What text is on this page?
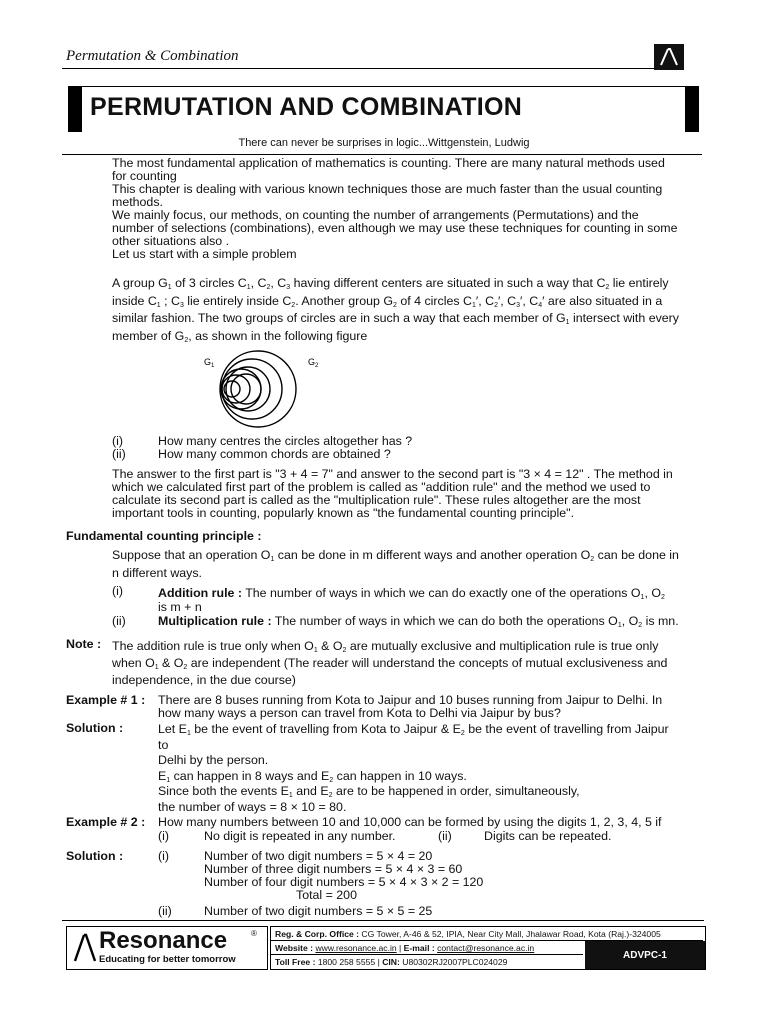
Permutation & Combination
PERMUTATION AND COMBINATION
There can never be surprises in logic...Wittgenstein, Ludwig
The most fundamental application of mathematics is counting. There are many natural methods used
for counting
This chapter is dealing with various known techniques those are much faster than the usual counting
methods.
We mainly focus, our methods, on counting the number of arrangements (Permutations) and the
number of selections (combinations), even although we may use these techniques for counting in some
other situations also .
Let us start with a simple problem
A group $G_1$ of 3 circles $C_1$, $C_2$, $C_3$ having different centers are situated in such a way that $C_2$ lie entirely
inside $C_1$ ; $C_3$ lie entirely inside $C_2$. Another group $G_2$ of 4 circles $C_1'$, $C_2'$, $C_3'$, $C_4'$ are also situated in a
similar fashion. The two groups of circles are in such a way that each member of $G_1$ intersect with every
member of $G_2$, as shown in the following figure
G 1	G 2
(i)	How many centres the circles altogether has ?
(ii)	How many common chords are obtained ?
The answer to the first part is "3 + 4 = 7" and answer to the second part is "3 × 4 = 12" . The method in
which we calculated first part of the problem is called as "addition rule" and the method we used to
calculate its second part is called as the "multiplication rule". These rules altogether are the most
important tools in counting, popularly known as "the fundamental counting principle".
Fundamental counting principle :
Suppose that an operation $O_1$ can be done in m different ways and another operation $O_2$ can be done in
n different ways.
(i)	Addition rule : The number of ways in which we can do exactly one of the operations $O_1$, $O_2$
is m + n
(ii)	Multiplication rule : The number of ways in which we can do both the operations $O_1$, $O_2$ is mn.
Note : The addition rule is true only when $O_1$ & $O_2$ are mutually exclusive and multiplication rule is true only
when $O_1$ & $O_2$ are independent (The reader will understand the concepts of mutual exclusiveness and
independence, in the due course)
Example # 1 : There are 8 buses running from Kota to Jaipur and 10 buses running from Jaipur to Delhi. In
how many ways a person can travel from Kota to Delhi via Jaipur by bus?
Solution :	Let $E_1$ be the event of travelling from Kota to Jaipur & $E_2$ be the event of travelling from Jaipur
to
Delhi by the person.
$E_1$ can happen in 8 ways and $E_2$ can happen in 10 ways.
Since both the events $E_1$ and $E_2$ are to be happened in order, simultaneously,
the number of ways = 8 × 10 = 80.
Example # 2 : How many numbers between 10 and 10,000 can be formed by using the digits 1, 2, 3, 4, 5 if
(i)	No digit is repeated in any number.	(ii)	Digits can be repeated.
Solution :	(i)	Number of two digit numbers = 5 × 4 = 20
Number of three digit numbers = 5 × 4 × 3 = 60
Number of four digit numbers = 5 × 4 × 3 × 2 = 120
Total = 200
(ii)	Number of two digit numbers = 5 × 5 = 25
Resonance	®
Educating for better tomorrow
Reg. & Corp. Office : CG Tower, A-46 & 52, IPIA, Near City Mall, Jhalawar Road, Kota (Raj.)-324005
Website : www.resonance.ac.in | E-mail : contact@resonance.ac.in
Toll Free : 1800 258 5555 | CIN: U80302RJ2007PLC024029
ADVPC-1
